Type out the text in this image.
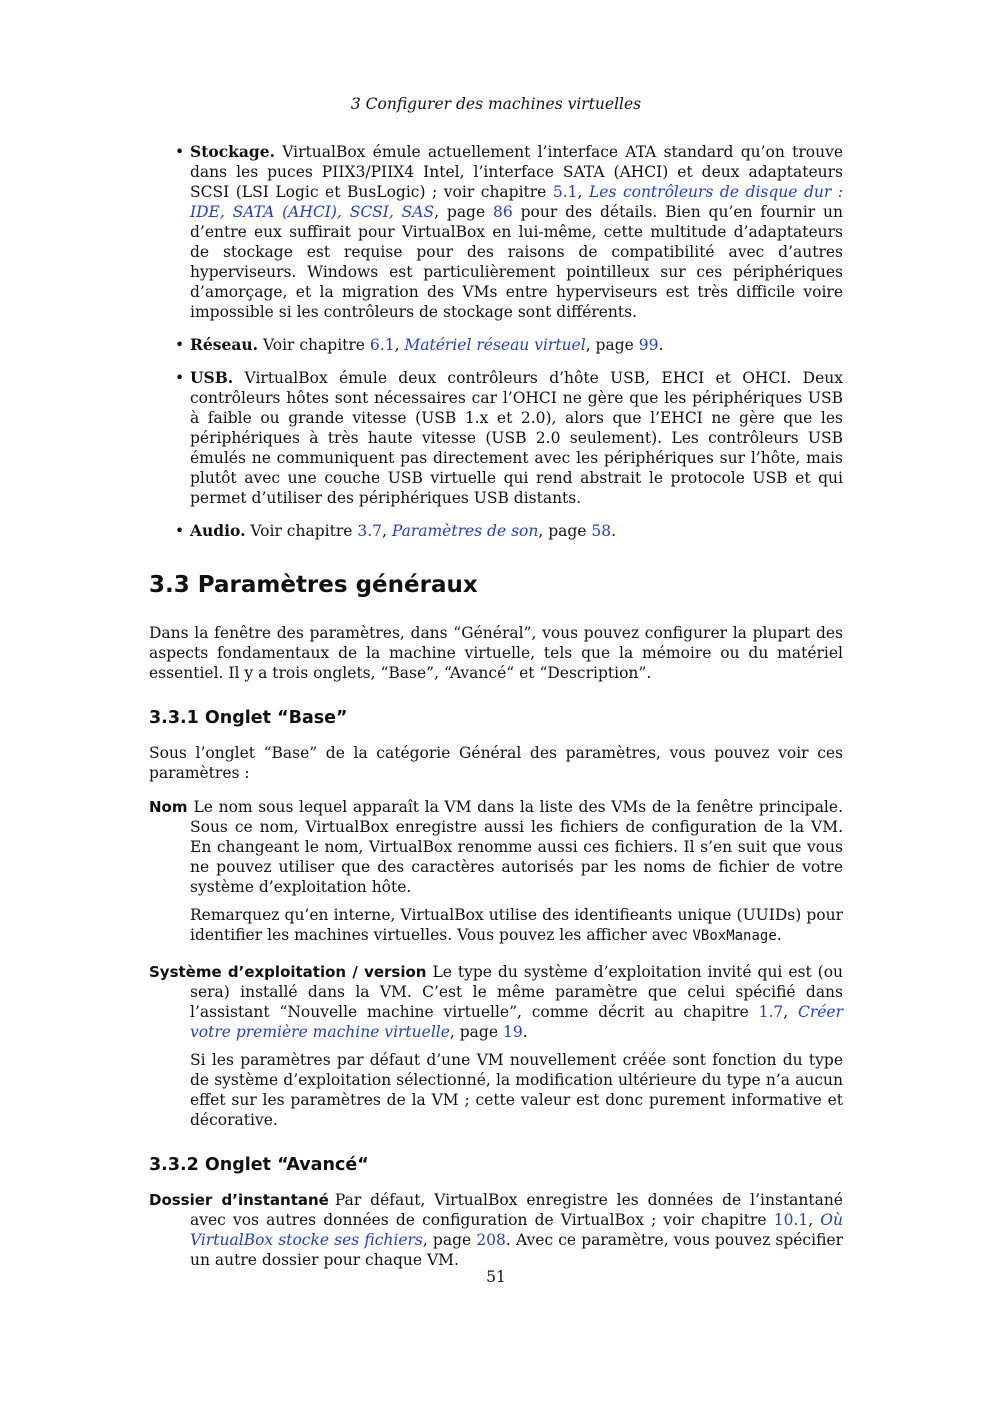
3 Configurer des machines virtuelles
• Stockage. VirtualBox émule actuellement l’interface ATA standard qu’on trouve dans les puces PIIX3/PIIX4 Intel, l’interface SATA (AHCI) et deux adaptateurs SCSI (LSI Logic et BusLogic) ; voir chapitre 5.1, Les contrôleurs de disque dur : IDE, SATA (AHCI), SCSI, SAS, page 86 pour des détails. Bien qu’en fournir un d’entre eux suffirait pour VirtualBox en lui-même, cette multitude d’adaptateurs de stockage est requise pour des raisons de compatibilité avec d’autres hyperviseurs. Windows est particulièrement pointilleux sur ces périphériques d’amorçage, et la migration des VMs entre hyperviseurs est très difficile voire impossible si les contrôleurs de stockage sont différents.
• Réseau. Voir chapitre 6.1, Matériel réseau virtuel, page 99.
• USB. VirtualBox émule deux contrôleurs d’hôte USB, EHCI et OHCI. Deux contrôleurs hôtes sont nécessaires car l’OHCI ne gère que les périphériques USB à faible ou grande vitesse (USB 1.x et 2.0), alors que l’EHCI ne gère que les périphériques à très haute vitesse (USB 2.0 seulement). Les contrôleurs USB émulés ne communiquent pas directement avec les périphériques sur l’hôte, mais plutôt avec une couche USB virtuelle qui rend abstrait le protocole USB et qui permet d’utiliser des périphériques USB distants.
• Audio. Voir chapitre 3.7, Paramètres de son, page 58.
3.3 Paramètres généraux

Dans la fenêtre des paramètres, dans “Général”, vous pouvez configurer la plupart des aspects fondamentaux de la machine virtuelle, tels que la mémoire ou du matériel essentiel. Il y a trois onglets, “Base”, “Avancé“ et “Description”.

3.3.1 Onglet “Base”

Sous l’onglet “Base” de la catégorie Général des paramètres, vous pouvez voir ces paramètres :

Nom Le nom sous lequel apparaît la VM dans la liste des VMs de la fenêtre principale. Sous ce nom, VirtualBox enregistre aussi les fichiers de configuration de la VM. En changeant le nom, VirtualBox renomme aussi ces fichiers. Il s’en suit que vous ne pouvez utiliser que des caractères autorisés par les noms de fichier de votre système d’exploitation hôte.

Remarquez qu’en interne, VirtualBox utilise des identifieants unique (UUIDs) pour identifier les machines virtuelles. Vous pouvez les afficher avec VBoxManage.

Système d’exploitation / version Le type du système d’exploitation invité qui est (ou sera) installé dans la VM. C’est le même paramètre que celui spécifié dans l’assistant “Nouvelle machine virtuelle”, comme décrit au chapitre 1.7, Créer votre première machine virtuelle, page 19.

Si les paramètres par défaut d’une VM nouvellement créée sont fonction du type de système d’exploitation sélectionné, la modification ultérieure du type n’a aucun effet sur les paramètres de la VM ; cette valeur est donc purement informative et décorative.

3.3.2 Onglet “Avancé“

Dossier d’instantané Par défaut, VirtualBox enregistre les données de l’instantané avec vos autres données de configuration de VirtualBox ; voir chapitre 10.1, Où VirtualBox stocke ses fichiers, page 208. Avec ce paramètre, vous pouvez spécifier un autre dossier pour chaque VM.

51
